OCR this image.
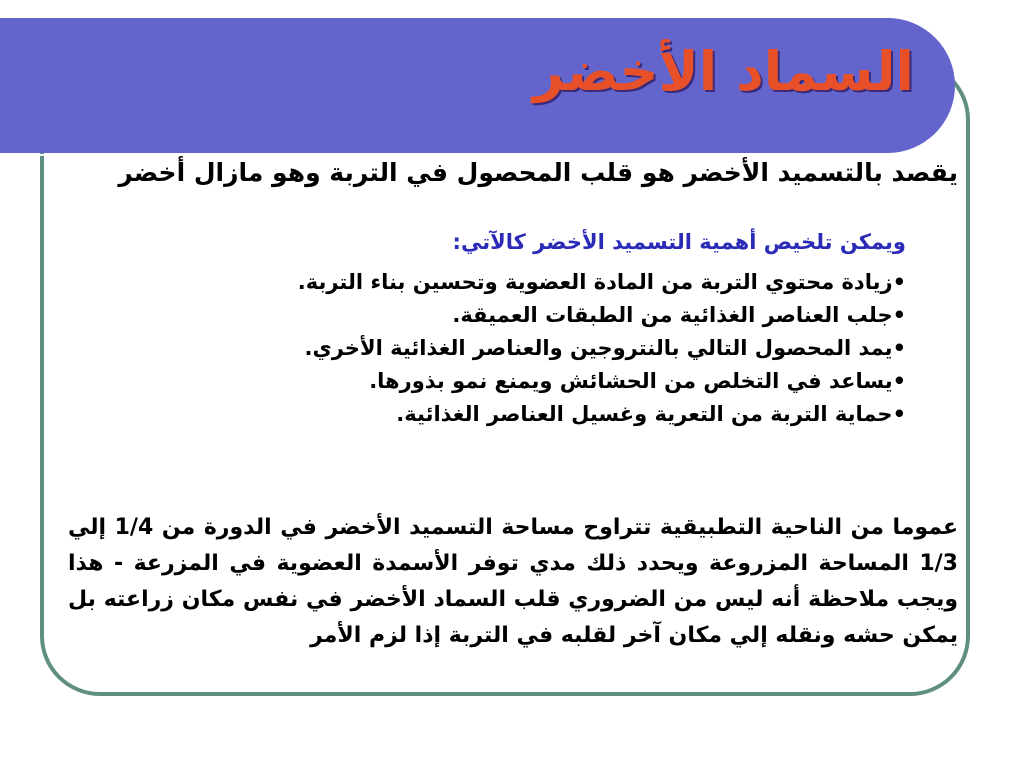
السماد الأخضر

يقصد بالتسميد الأخضر هو قلب المحصول في التربة وهو مازال أخضر

ويمكن تلخيص أهمية التسميد الأخضر كالآتي:

•زيادة محتوي التربة من المادة العضوية وتحسين بناء التربة.
•جلب العناصر الغذائية من الطبقات العميقة.
•يمد المحصول التالي بالنتروجين والعناصر الغذائية الأخري.
•يساعد في التخلص من الحشائش ويمنع نمو بذورها.
•حماية التربة من التعرية وغسيل العناصر الغذائية.

عموما من الناحية التطبيقية تتراوح مساحة التسميد الأخضر في الدورة من 1/4 إلي 1/3 المساحة المزروعة ويحدد ذلك مدي توفر الأسمدة العضوية في المزرعة - هذا ويجب ملاحظة أنه ليس من الضروري قلب السماد الأخضر في نفس مكان زراعته بل يمكن حشه ونقله إلي مكان آخر لقلبه في التربة إذا لزم الأمر
